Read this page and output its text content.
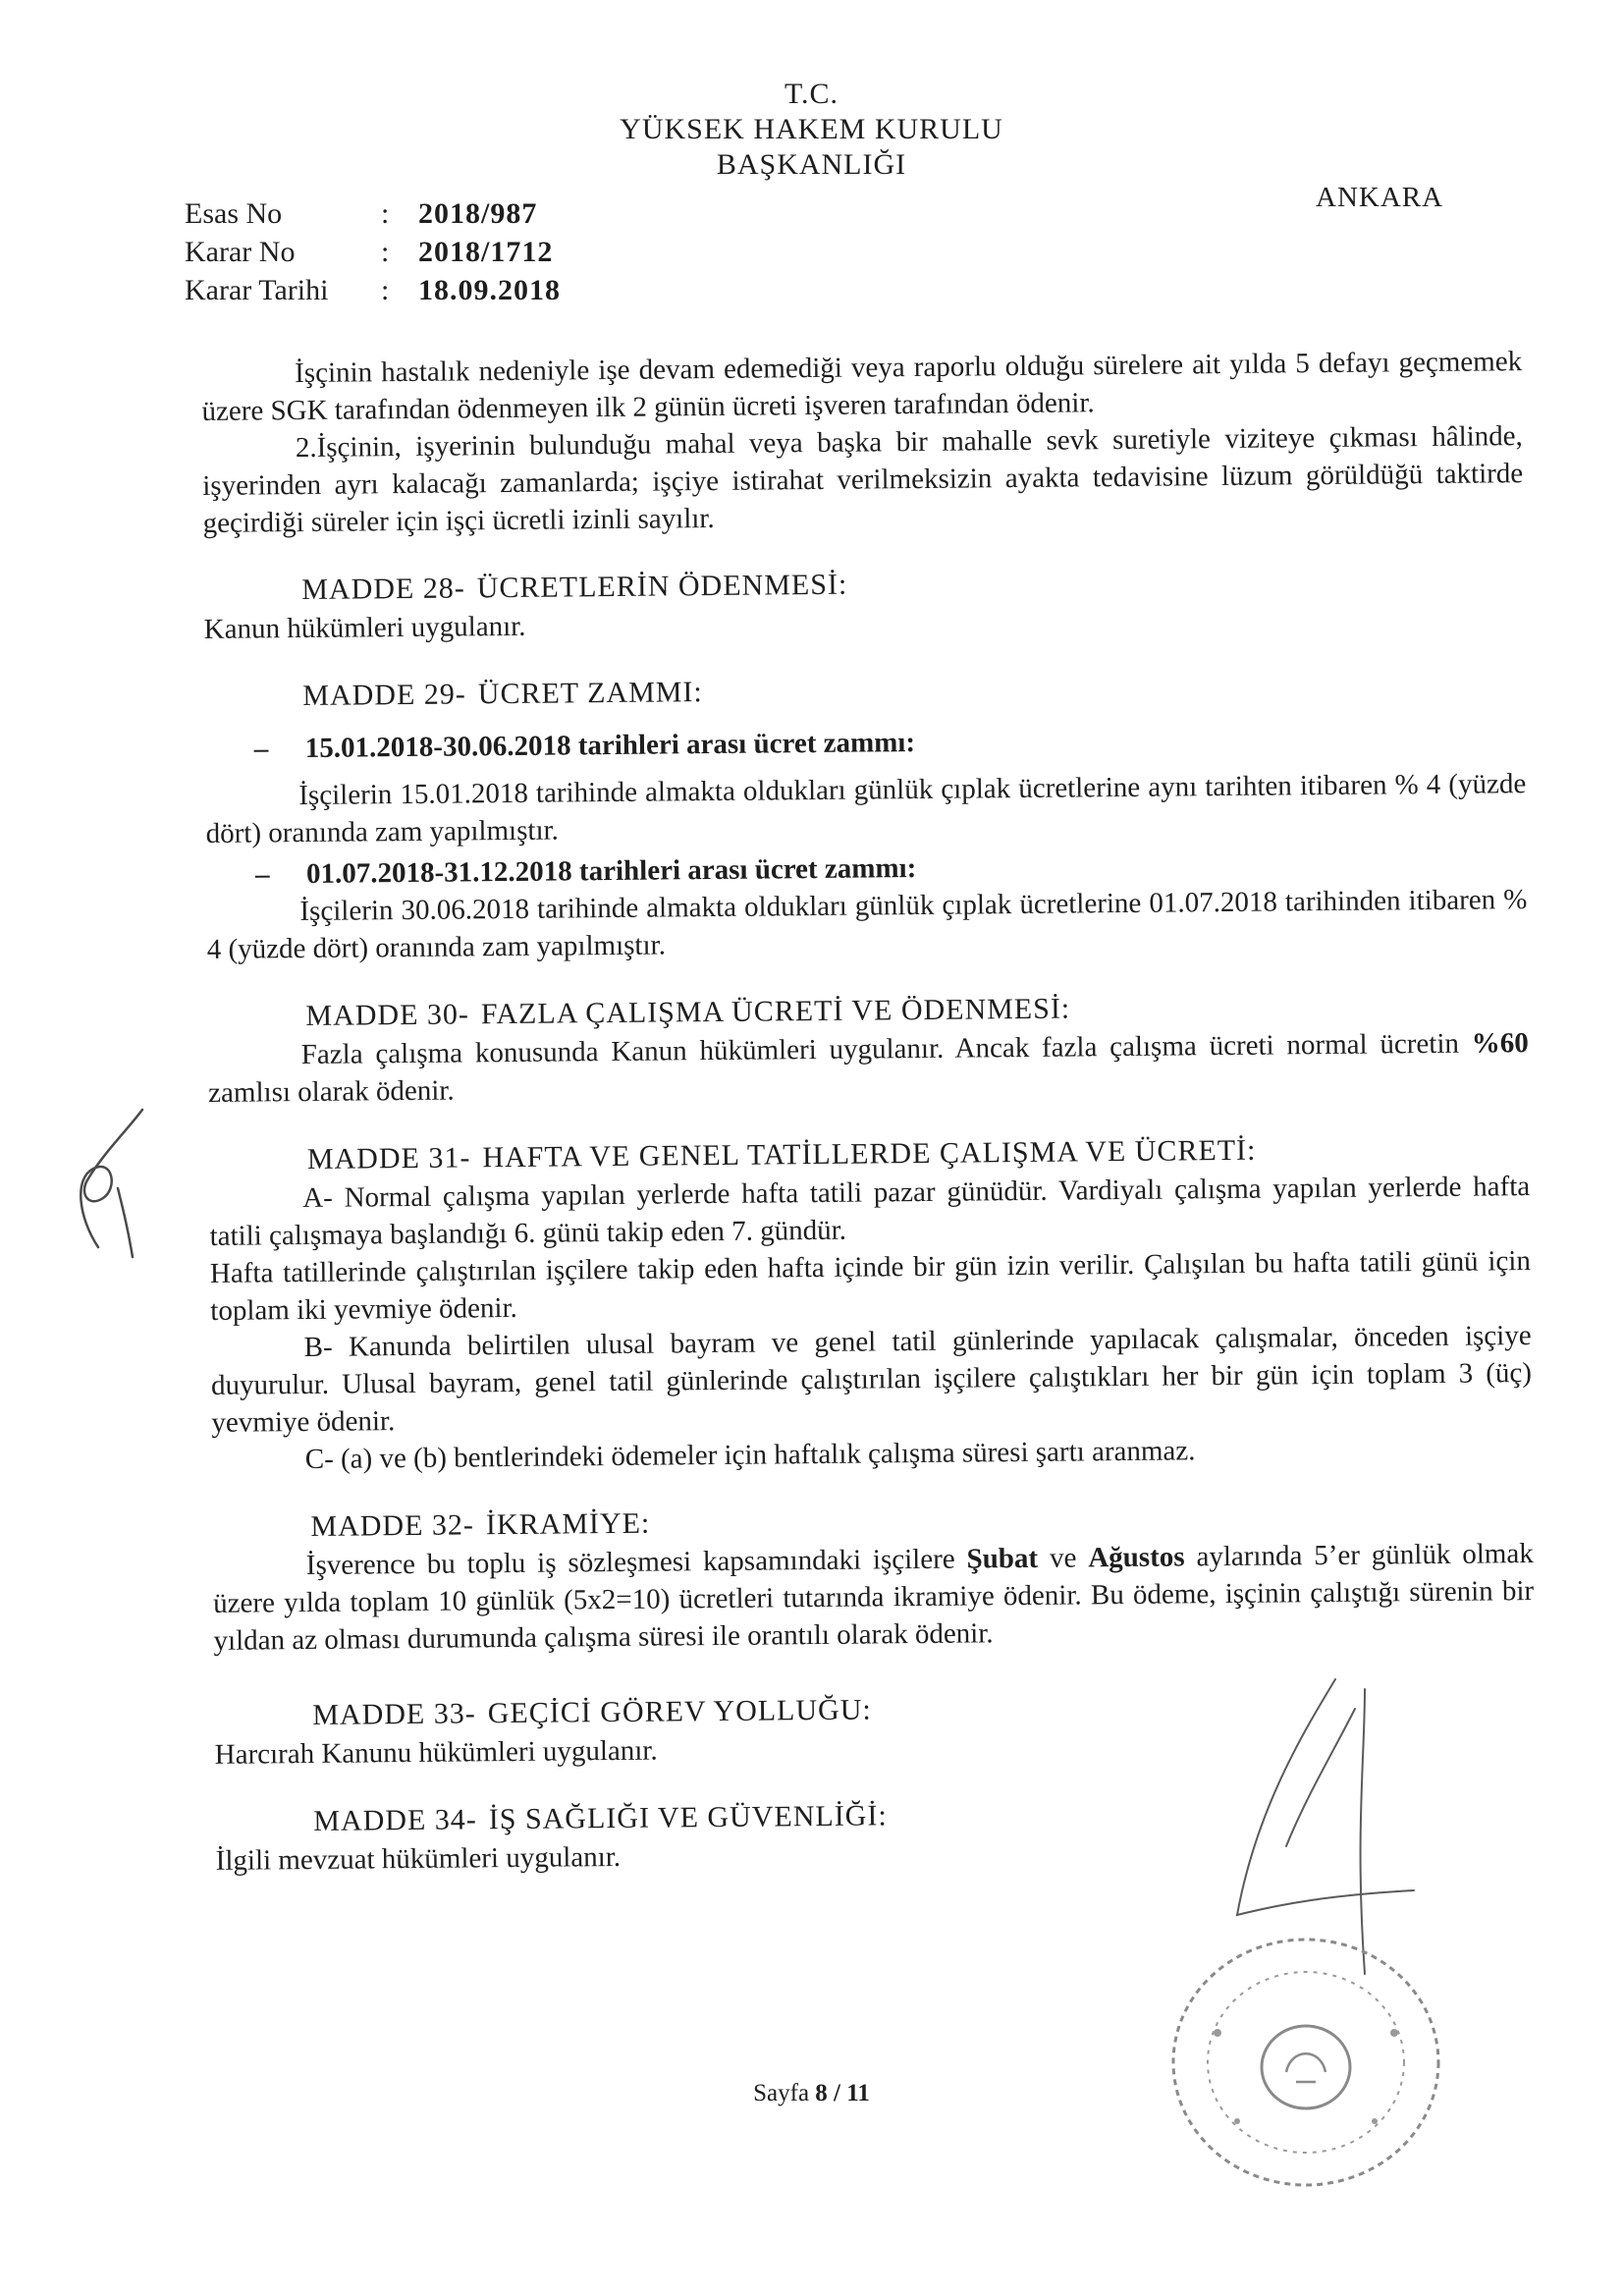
T.C.
YÜKSEK HAKEM KURULU
BAŞKANLIĞI
ANKARA
Esas No	: 2018/987
Karar No	: 2018/1712
Karar Tarihi	: 18.09.2018

İşçinin hastalık nedeniyle işe devam edemediği veya raporlu olduğu sürelere ait yılda 5 defayı geçmemek üzere SGK tarafından ödenmeyen ilk 2 günün ücreti işveren tarafından ödenir.

2.İşçinin, işyerinin bulunduğu mahal veya başka bir mahalle sevk suretiyle viziteye çıkması hâlinde, işyerinden ayrı kalacağı zamanlarda; işçiye istirahat verilmeksizin ayakta tedavisine lüzum görüldüğü taktirde geçirdiği süreler için işçi ücretli izinli sayılır.

MADDE 28- ÜCRETLERİN ÖDENMESİ:

Kanun hükümleri uygulanır.

MADDE 29- ÜCRET ZAMMI:
– 15.01.2018-30.06.2018 tarihleri arası ücret zammı:

İşçilerin 15.01.2018 tarihinde almakta oldukları günlük çıplak ücretlerine aynı tarihten itibaren % 4 (yüzde dört) oranında zam yapılmıştır.

– 01.07.2018-31.12.2018 tarihleri arası ücret zammı:

İşçilerin 30.06.2018 tarihinde almakta oldukları günlük çıplak ücretlerine 01.07.2018 tarihinden itibaren % 4 (yüzde dört) oranında zam yapılmıştır.

MADDE 30- FAZLA ÇALIŞMA ÜCRETİ VE ÖDENMESİ:

Fazla çalışma konusunda Kanun hükümleri uygulanır. Ancak fazla çalışma ücreti normal ücretin %60 zamlısı olarak ödenir.

MADDE 31- HAFTA VE GENEL TATİLLERDE ÇALIŞMA VE ÜCRETİ:

A- Normal çalışma yapılan yerlerde hafta tatili pazar günüdür. Vardiyalı çalışma yapılan yerlerde hafta tatili çalışmaya başlandığı 6. günü takip eden 7. gündür.

Hafta tatillerinde çalıştırılan işçilere takip eden hafta içinde bir gün izin verilir. Çalışılan bu hafta tatili günü için toplam iki yevmiye ödenir.

B- Kanunda belirtilen ulusal bayram ve genel tatil günlerinde yapılacak çalışmalar, önceden işçiye duyurulur. Ulusal bayram, genel tatil günlerinde çalıştırılan işçilere çalıştıkları her bir gün için toplam 3 (üç) yevmiye ödenir.

C- (a) ve (b) bentlerindeki ödemeler için haftalık çalışma süresi şartı aranmaz.

MADDE 32- İKRAMİYE:

İşverence bu toplu iş sözleşmesi kapsamındaki işçilere Şubat ve Ağustos aylarında 5’er günlük olmak üzere yılda toplam 10 günlük (5x2=10) ücretleri tutarında ikramiye ödenir. Bu ödeme, işçinin çalıştığı sürenin bir yıldan az olması durumunda çalışma süresi ile orantılı olarak ödenir.

MADDE 33- GEÇİCİ GÖREV YOLLUĞU:

Harcırah Kanunu hükümleri uygulanır.

MADDE 34- İŞ SAĞLIĞI VE GÜVENLİĞİ:

İlgili mevzuat hükümleri uygulanır.

Sayfa 8 / 11
